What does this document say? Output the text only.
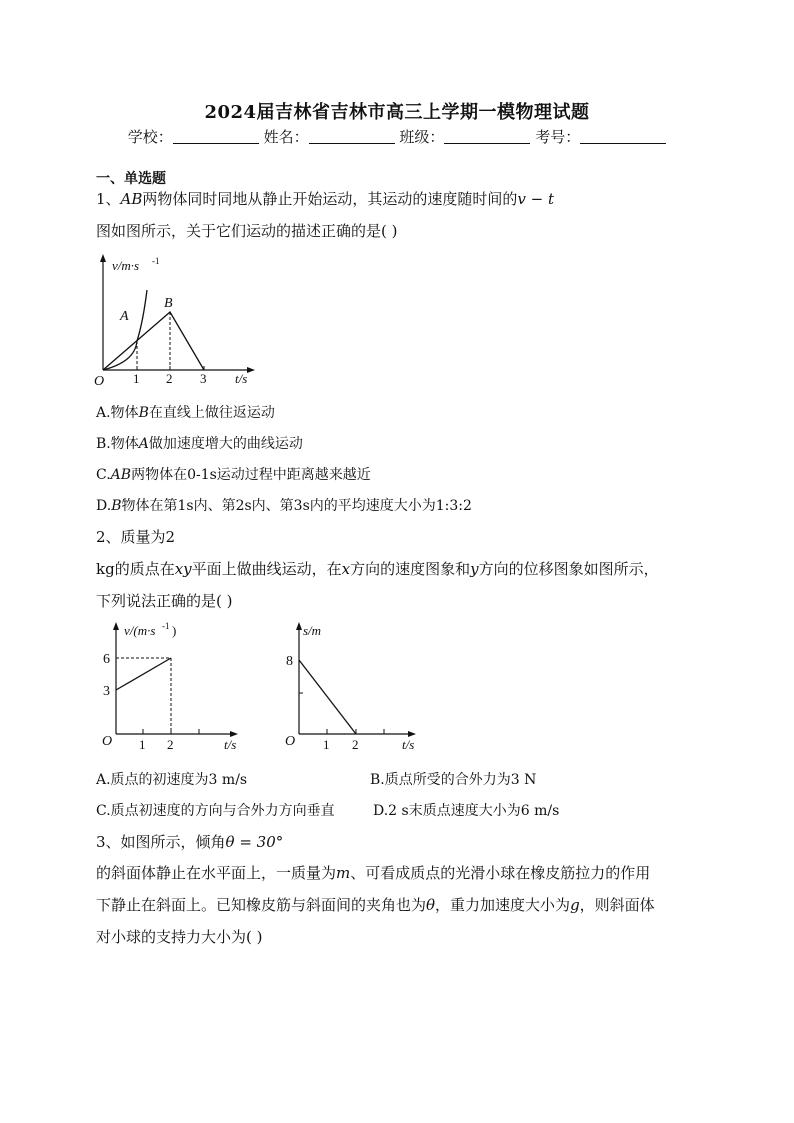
2024届吉林省吉林市高三上学期一模物理试题
学校：	姓名：	班级：	考号：
一、单选题
1、AB两物体同时同地从静止开始运动，其运动的速度随时间的v − t
图如图所示，关于它们运动的描述正确的是( )
v/m·s -1
A
B
O 1 2 3 t/s
A.物体B在直线上做往返运动
B.物体A做加速度增大的曲线运动
C.AB两物体在0-1s运动过程中距离越来越近
D.B物体在第1s内、第2s内、第3s内的平均速度大小为1:3:2
2、质量为2
kg的质点在xy平面上做曲线运动，在x方向的速度图象和y方向的位移图象如图所示，
下列说法正确的是( )
v/(m·s -1 )
6
3
O 1 2	t/s
s/m
8
O 1 2	t/s
A.质点的初速度为3 m/s	B.质点所受的合外力为3 N
C.质点初速度的方向与合外力方向垂直	D.2 s末质点速度大小为6 m/s
3、如图所示，倾角θ = 30°
的斜面体静止在水平面上，一质量为m、可看成质点的光滑小球在橡皮筋拉力的作用
下静止在斜面上。已知橡皮筋与斜面间的夹角也为θ，重力加速度大小为g，则斜面体
对小球的支持力大小为( )
